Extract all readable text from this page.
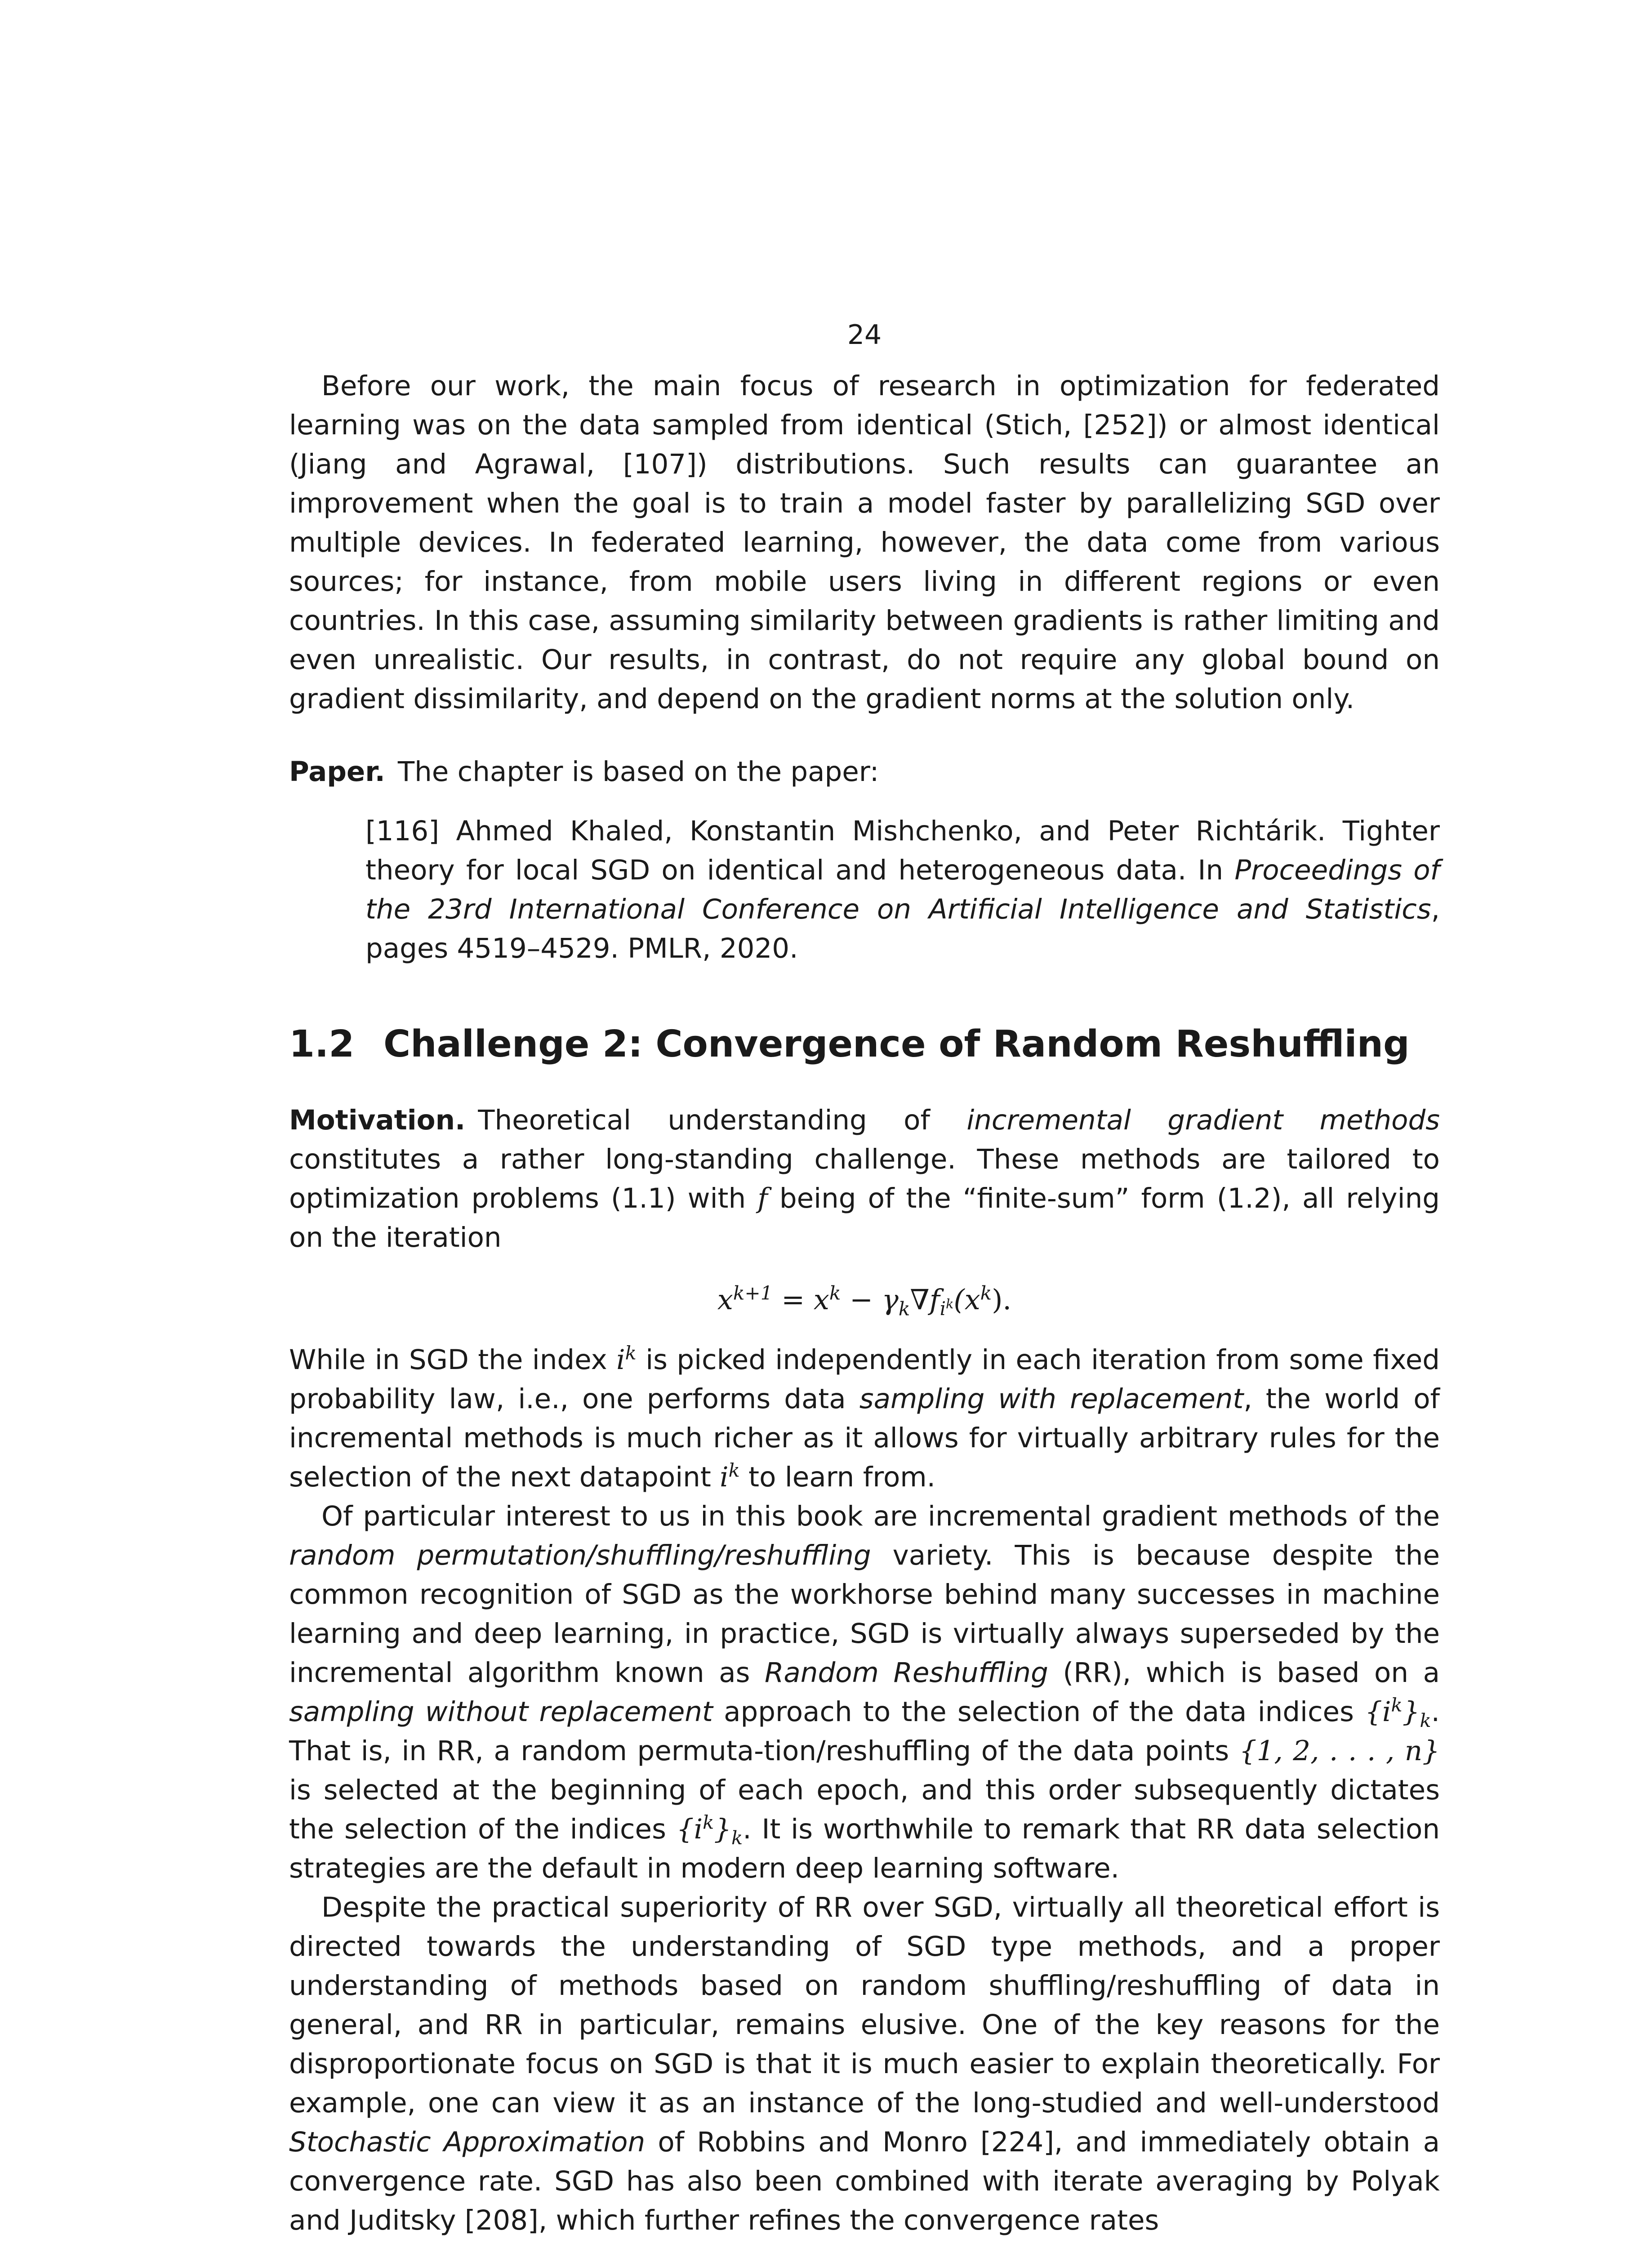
24

Before our work, the main focus of research in optimization for federated learning was on the data sampled from identical (Stich, [252]) or almost identical (Jiang and Agrawal, [107]) distributions. Such results can guarantee an improvement when the goal is to train a model faster by parallelizing SGD over multiple devices. In federated learning, however, the data come from various sources; for instance, from mobile users living in different regions or even countries. In this case, assuming similarity between gradients is rather limiting and even unrealistic. Our results, in contrast, do not require any global bound on gradient dissimilarity, and depend on the gradient norms at the solution only.

Paper. The chapter is based on the paper:

[116] Ahmed Khaled, Konstantin Mishchenko, and Peter Richtárik. Tighter theory for local SGD on identical and heterogeneous data. In Proceedings of the 23rd International Conference on Artificial Intelligence and Statistics, pages 4519–4529. PMLR, 2020.
1.2 Challenge 2: Convergence of Random Reshuffling

Motivation. Theoretical understanding of incremental gradient methods constitutes a rather long-standing challenge. These methods are tailored to optimization problems (1.1) with f being of the “finite-sum” form (1.2), all relying on the iteration

$x^{k+1} = x^k - \gamma_k\nabla f_{i^k}(x^k)$.

While in SGD the index $i^k$ is picked independently in each iteration from some fixed probability law, i.e., one performs data sampling with replacement, the world of incremental methods is much richer as it allows for virtually arbitrary rules for the selection of the next datapoint $i^k$ to learn from.

Of particular interest to us in this book are incremental gradient methods of the random permutation/shuffling/reshuffling variety. This is because despite the common recognition of SGD as the workhorse behind many successes in machine learning and deep learning, in practice, SGD is virtually always superseded by the incremental algorithm known as Random Reshuffling (RR), which is based on a sampling without replacement approach to the selection of the data indices $\{i^k\}_k$. That is, in RR, a random permuta-tion/reshuffling of the data points {1, 2, . . . , n} is selected at the beginning of each epoch, and this order subsequently dictates the selection of the indices $\{i^k\}_k$. It is worthwhile to remark that RR data selection strategies are the default in modern deep learning software.

Despite the practical superiority of RR over SGD, virtually all theoretical effort is directed towards the understanding of SGD type methods, and a proper understanding of methods based on random shuffling/reshuffling of data in general, and RR in particular, remains elusive. One of the key reasons for the disproportionate focus on SGD is that it is much easier to explain theoretically. For example, one can view it as an instance of the long-studied and well-understood Stochastic Approximation of Robbins and Monro [224], and immediately obtain a convergence rate. SGD has also been combined with iterate averaging by Polyak and Juditsky [208], which further refines the convergence rates
